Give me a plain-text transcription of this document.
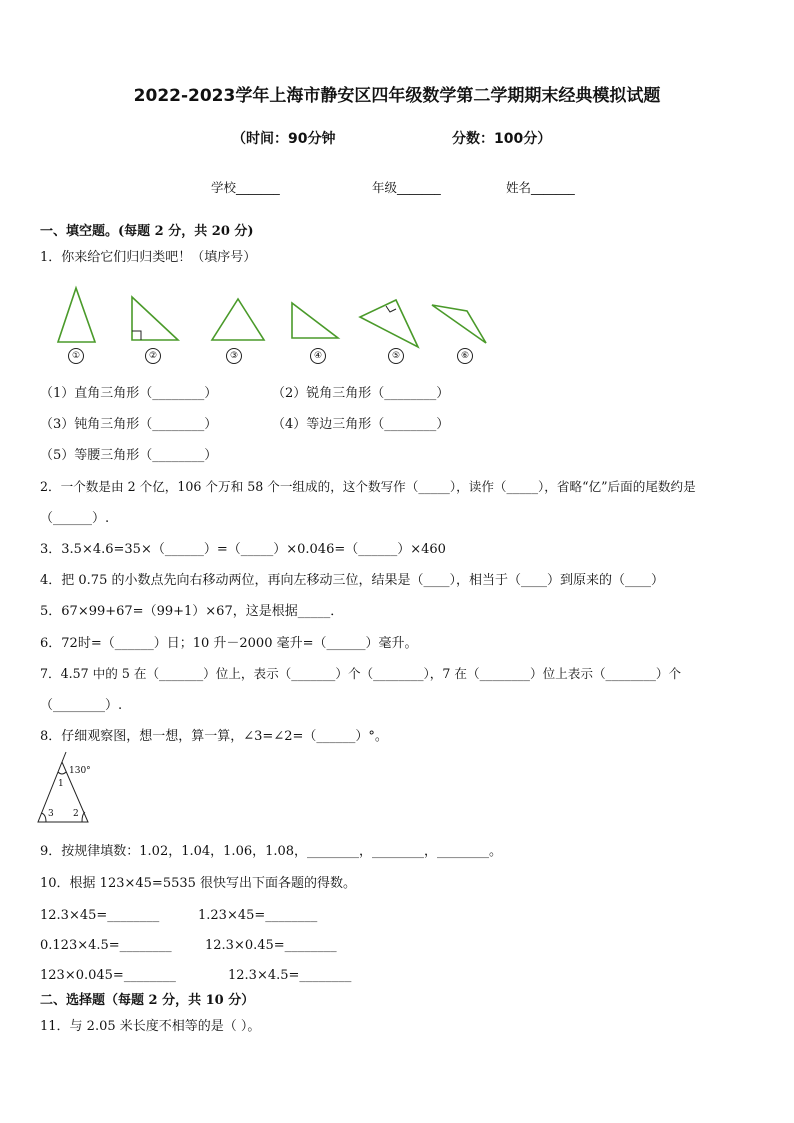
2022-2023学年上海市静安区四年级数学第二学期期末经典模拟试题
（时间：90分钟	分数：100分）
学校_______	年级_______	姓名_______
一、填空题。(每题 2 分，共 20 分)
1．你来给它们归归类吧！（填序号）
①	②	③	④	⑤	⑥
（1）直角三角形（________）	（2）锐角三角形（________）
（3）钝角三角形（________）	（4）等边三角形（________）
（5）等腰三角形（________）
2．一个数是由 2 个亿，106 个万和 58 个一组成的，这个数写作（_____），读作（_____），省略“亿”后面的尾数约是
（______）.
3．3.5×4.6=35×（______）=（_____）×0.046=（______）×460
4．把 0.75 的小数点先向右移动两位，再向左移动三位，结果是（____），相当于（____）到原来的（____）
5．67×99+67=（99+1）×67，这是根据_____．
6．72时=（______）日；10 升－2000 毫升=（______）毫升。
7．4.57 中的 5 在（_______）位上，表示（_______）个（________），7 在（________）位上表示（________）个
（________）.
8．仔细观察图，想一想，算一算，∠3=∠2=（______）°。
130°
1
3 2
9．按规律填数：1.02，1.04，1.06，1.08，________，________，________。
10．根据 123×45=5535 很快写出下面各题的得数。
12.3×45=________	1.23×45=________
0.123×4.5=________	12.3×0.45=________
123×0.045=________	12.3×4.5=________
二、选择题（每题 2 分，共 10 分）
11．与 2.05 米长度不相等的是（ ）。
